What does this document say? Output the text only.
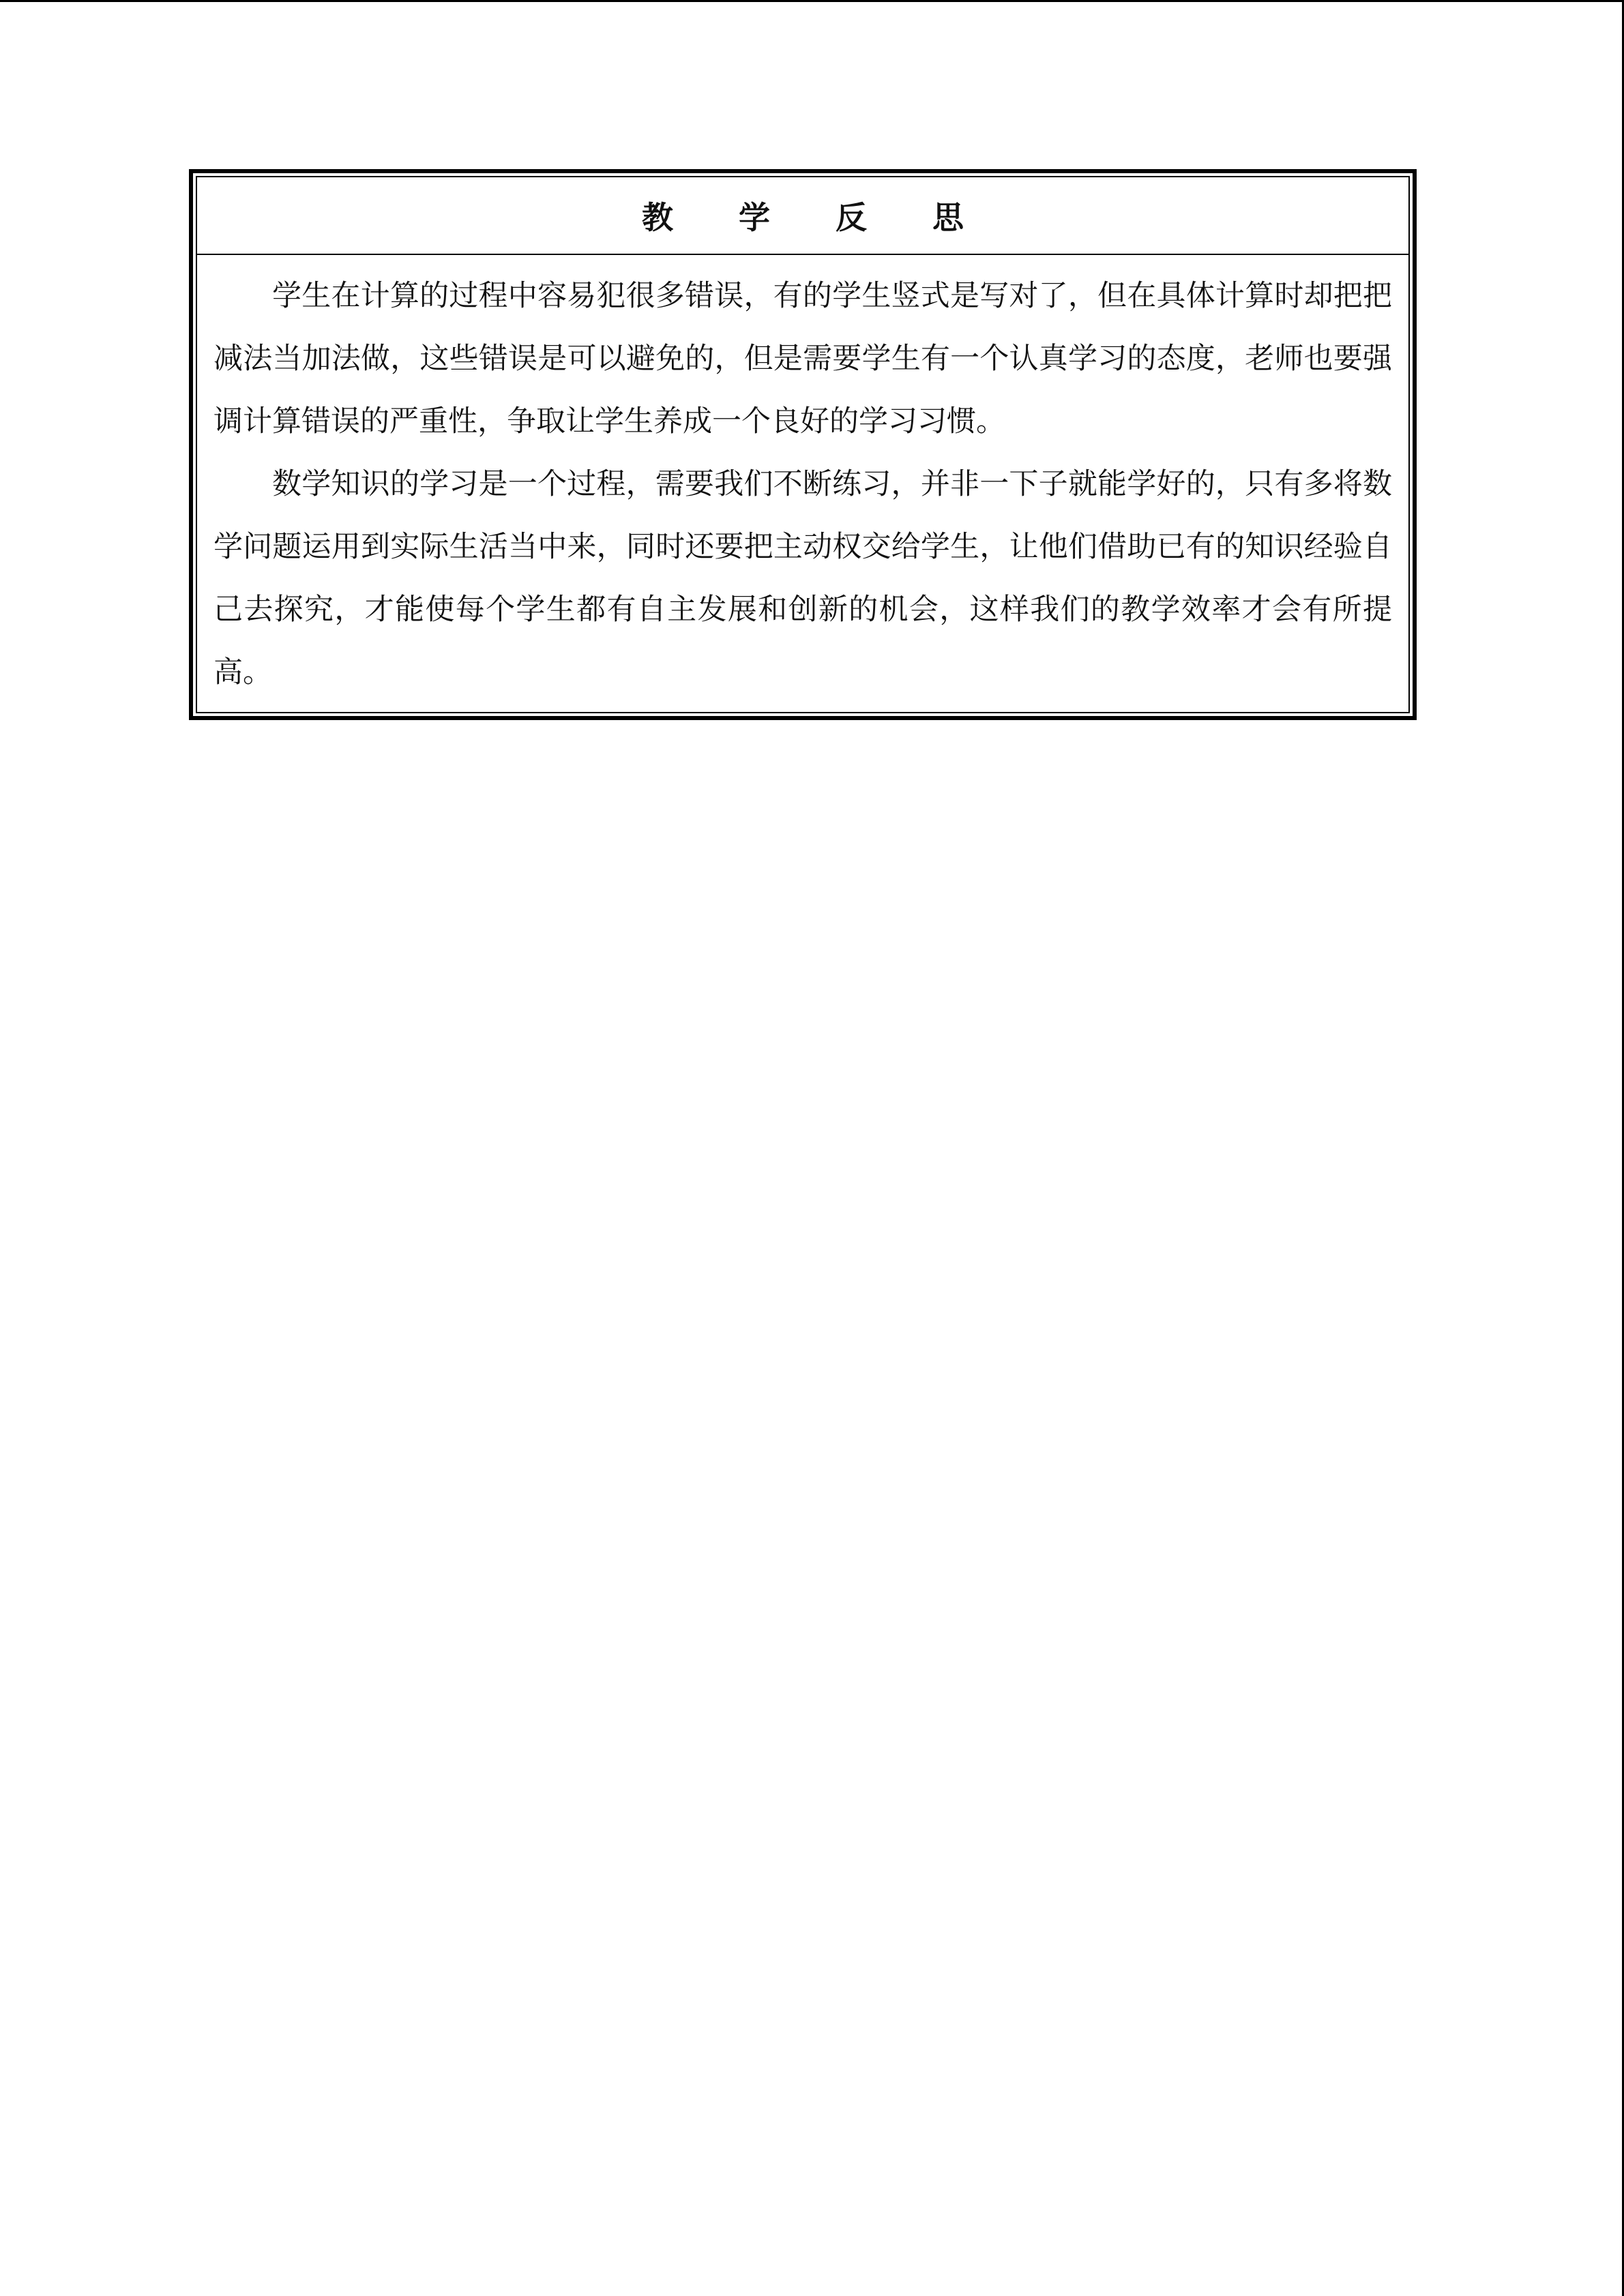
教 学 反 思

学生在计算的过程中容易犯很多错误，有的学生竖式是写对了，但在具体计算时却把把减法当加法做，这些错误是可以避免的，但是需要学生有一个认真学习的态度，老师也要强调计算错误的严重性，争取让学生养成一个良好的学习习惯。

数学知识的学习是一个过程，需要我们不断练习，并非一下子就能学好的，只有多将数学问题运用到实际生活当中来，同时还要把主动权交给学生，让他们借助已有的知识经验自己去探究，才能使每个学生都有自主发展和创新的机会，这样我们的教学效率才会有所提高。
